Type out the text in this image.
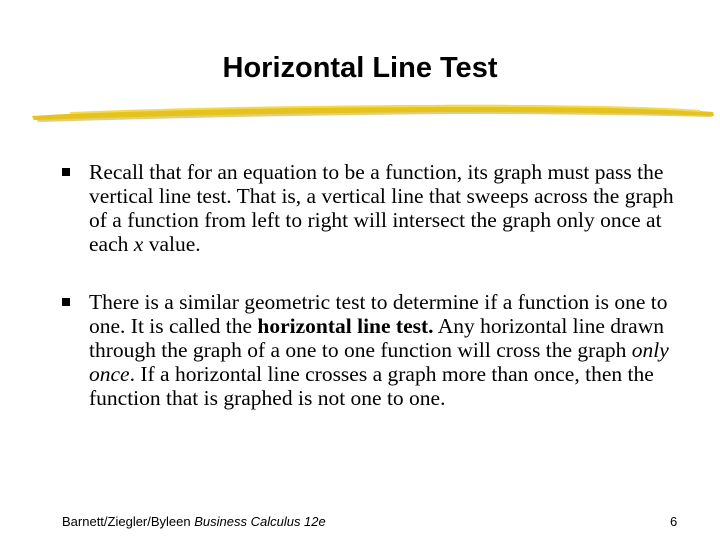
Horizontal Line Test
Recall that for an equation to be a function, its graph must pass the vertical line test. That is, a vertical line that sweeps across the graph of a function from left to right will intersect the graph only once at each x value.
There is a similar geometric test to determine if a function is one to one. It is called the horizontal line test. Any horizontal line drawn through the graph of a one to one function will cross the graph only once. If a horizontal line crosses a graph more than once, then the function that is graphed is not one to one.
Barnett/Ziegler/Byleen Business Calculus 12e	6
